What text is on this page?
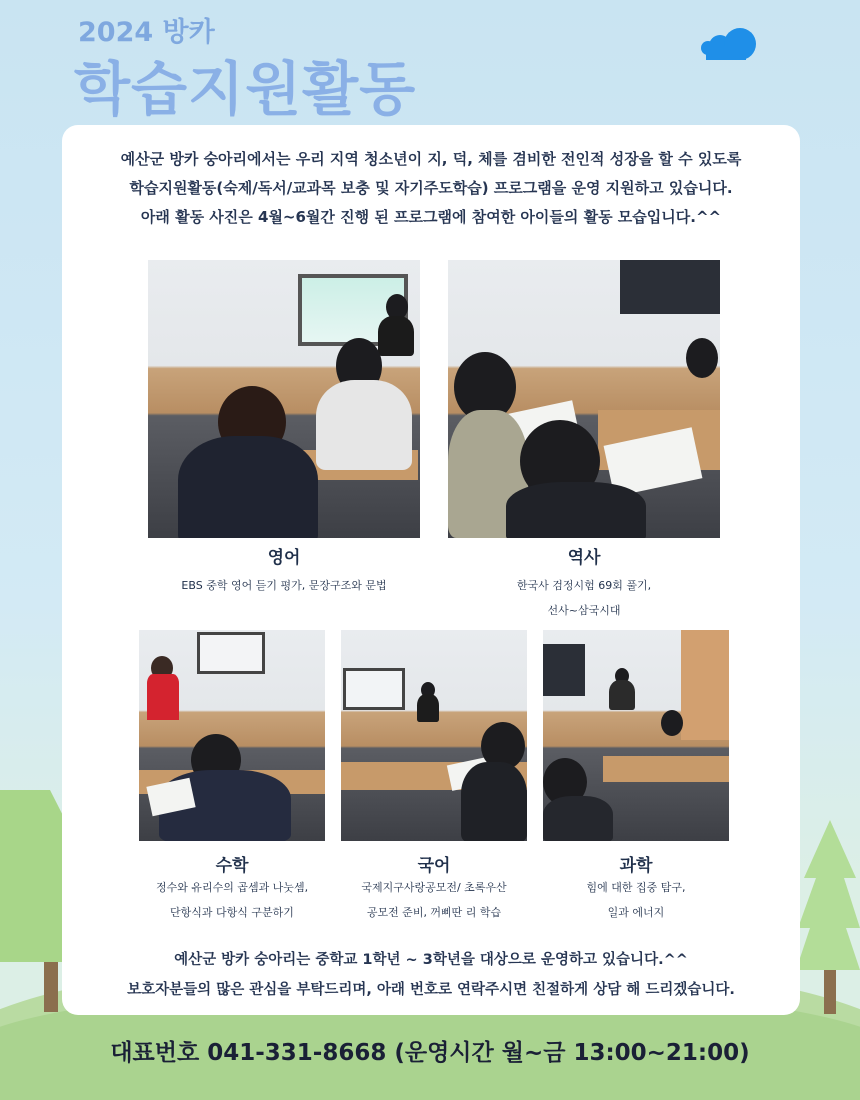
2024 방카
학습지원활동
예산군 방카 숭아리에서는 우리 지역 청소년이 지, 덕, 체를 겸비한 전인적 성장을 할 수 있도록
학습지원활동(숙제/독서/교과목 보충 및 자기주도학습) 프로그램을 운영 지원하고 있습니다.
아래 활동 사진은 4월~6월간 진행 된 프로그램에 참여한 아이들의 활동 모습입니다.^^
영어
EBS 중학 영어 듣기 평가, 문장구조와 문법
역사
한국사 검정시험 69회 풀기,
선사~삼국시대
수학
정수와 유리수의 곱셈과 나눗셈,
단항식과 다항식 구분하기
국어
국제지구사랑공모전/ 초록우산
공모전 준비, 꺼삐딴 리 학습
과학
힘에 대한 집중 탐구,
일과 에너지
예산군 방카 숭아리는 중학교 1학년 ~ 3학년을 대상으로 운영하고 있습니다.^^
보호자분들의 많은 관심을 부탁드리며, 아래 번호로 연락주시면 친절하게 상담 해 드리겠습니다.
대표번호 041-331-8668 (운영시간 월~금 13:00~21:00)
